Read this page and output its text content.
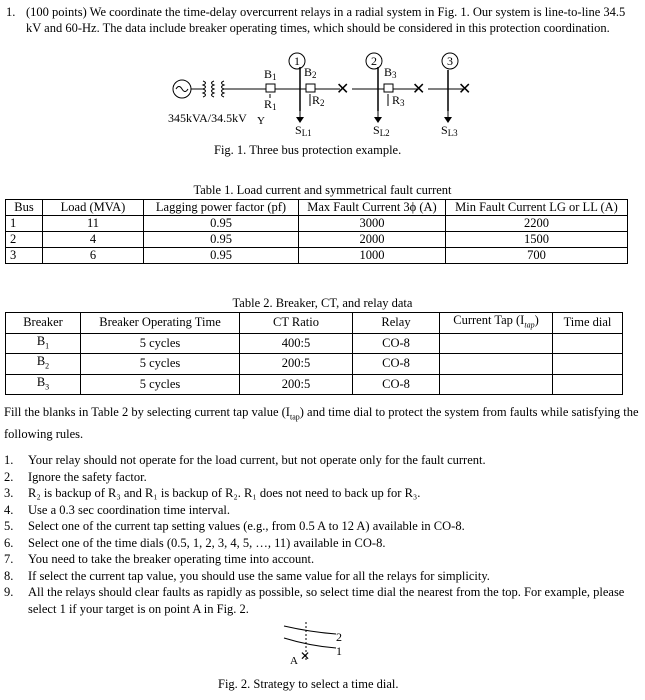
1. (100 points) We coordinate the time-delay overcurrent relays in a radial system in Fig. 1. Our system is line-to-line 34.5 kV and 60-Hz. The data include breaker operating times, which should be considered in this protection coordination.
1
B1
R1
B2
R2
SL1
✕
2
B3
R3
SL2
✕
3
✕
SL3
345kVA/34.5kV Y
Fig. 1. Three bus protection example.
Table 1. Load current and symmetrical fault current
Bus	Load (MVA)	Lagging power factor (pf)	Max Fault Current 3ϕ (A)	Min Fault Current LG or LL (A)
1	11	0.95	3000	2200
2	4	0.95	2000	1500
3	6	0.95	1000	700
Table 2. Breaker, CT, and relay data
Breaker	Breaker Operating Time	CT Ratio	Relay	Current Tap $(I_{tap})$	Time dial
$B_1$	5 cycles	400:5	CO-8		
$B_2$	5 cycles	200:5	CO-8		
$B_3$	5 cycles	200:5	CO-8		
Fill the blanks in Table 2 by selecting current tap value $(I_{tap})$ and time dial to protect the system from faults while satisfying the following rules.
1. Your relay should not operate for the load current, but not operate only for the fault current.
2. Ignore the safety factor.
3. R₂ is backup of R₃ and R₁ is backup of R₂. R₁ does not need to back up for R₃.
4. Use a 0.3 sec coordination time interval.
5. Select one of the current tap setting values (e.g., from 0.5 A to 12 A) available in CO-8.
6. Select one of the time dials (0.5, 1, 2, 3, 4, 5, …, 11) available in CO-8.
7. You need to take the breaker operating time into account.
8. If select the current tap value, you should use the same value for all the relays for simplicity.
9. All the relays should clear faults as rapidly as possible, so select time dial the nearest from the top. For example, please select 1 if your target is on point A in Fig. 2.
2
1
✕
A
Fig. 2. Strategy to select a time dial.
